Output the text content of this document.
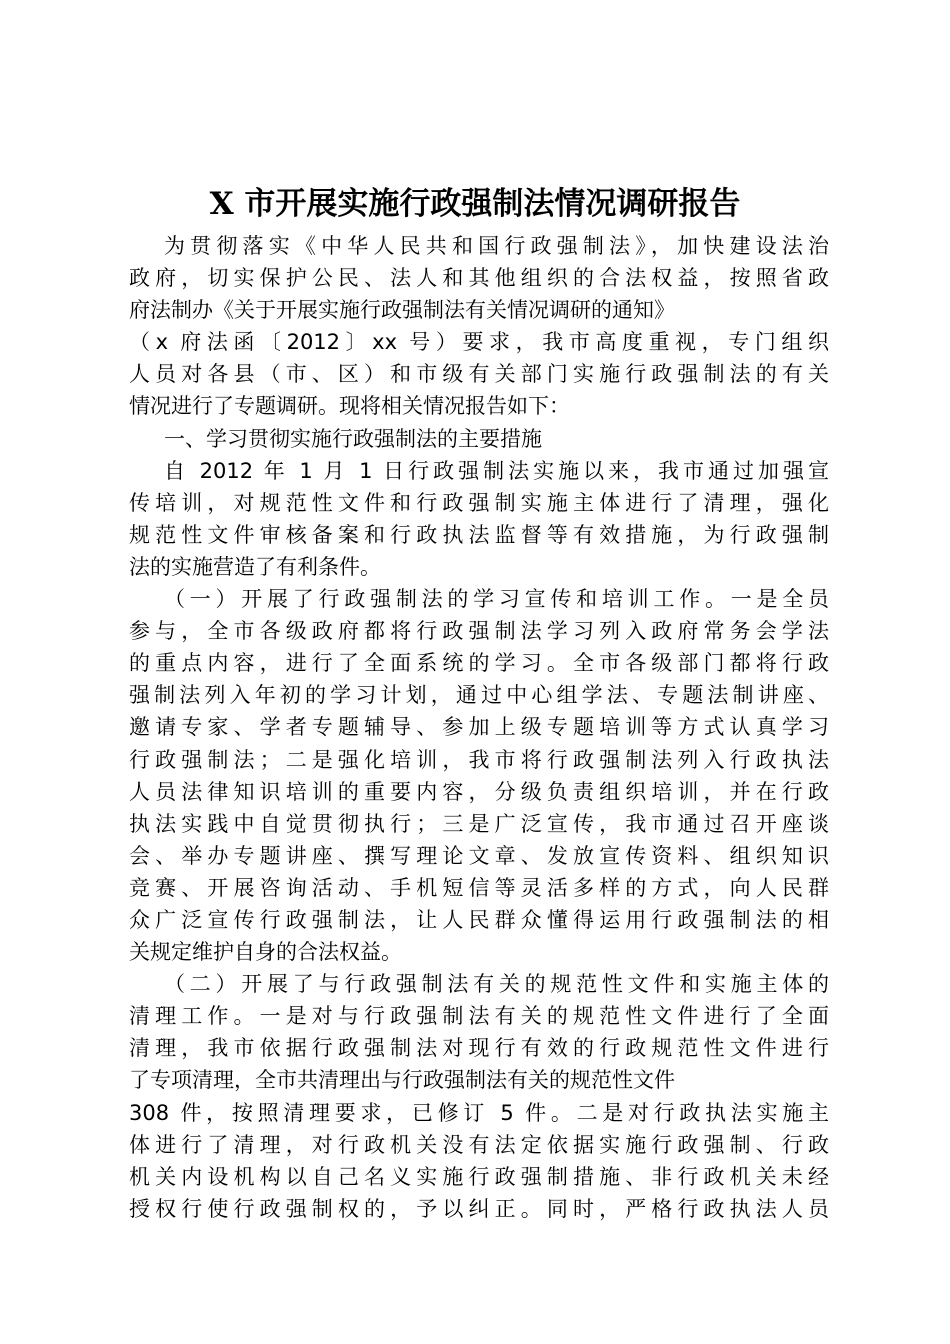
X 市开展实施行政强制法情况调研报告
为贯彻落实《中华人民共和国行政强制法》，加快建设法治
政府，切实保护公民、法人和其他组织的合法权益，按照省政
府法制办《关于开展实施行政强制法有关情况调研的通知》
（x 府法函〔2012〕xx 号）要求，我市高度重视，专门组织
人员对各县（市、区）和市级有关部门实施行政强制法的有关
情况进行了专题调研。现将相关情况报告如下：
一、学习贯彻实施行政强制法的主要措施
自 2012 年 1 月 1 日行政强制法实施以来，我市通过加强宣
传培训，对规范性文件和行政强制实施主体进行了清理，强化
规范性文件审核备案和行政执法监督等有效措施，为行政强制
法的实施营造了有利条件。
（一）开展了行政强制法的学习宣传和培训工作。一是全员
参与，全市各级政府都将行政强制法学习列入政府常务会学法
的重点内容，进行了全面系统的学习。全市各级部门都将行政
强制法列入年初的学习计划，通过中心组学法、专题法制讲座、
邀请专家、学者专题辅导、参加上级专题培训等方式认真学习
行政强制法；二是强化培训，我市将行政强制法列入行政执法
人员法律知识培训的重要内容，分级负责组织培训，并在行政
执法实践中自觉贯彻执行；三是广泛宣传，我市通过召开座谈
会、举办专题讲座、撰写理论文章、发放宣传资料、组织知识
竞赛、开展咨询活动、手机短信等灵活多样的方式，向人民群
众广泛宣传行政强制法，让人民群众懂得运用行政强制法的相
关规定维护自身的合法权益。
（二）开展了与行政强制法有关的规范性文件和实施主体的
清理工作。一是对与行政强制法有关的规范性文件进行了全面
清理，我市依据行政强制法对现行有效的行政规范性文件进行
了专项清理，全市共清理出与行政强制法有关的规范性文件
308 件，按照清理要求，已修订 5 件。二是对行政执法实施主
体进行了清理，对行政机关没有法定依据实施行政强制、行政
机关内设机构以自己名义实施行政强制措施、非行政机关未经
授权行使行政强制权的，予以纠正。同时，严格行政执法人员
